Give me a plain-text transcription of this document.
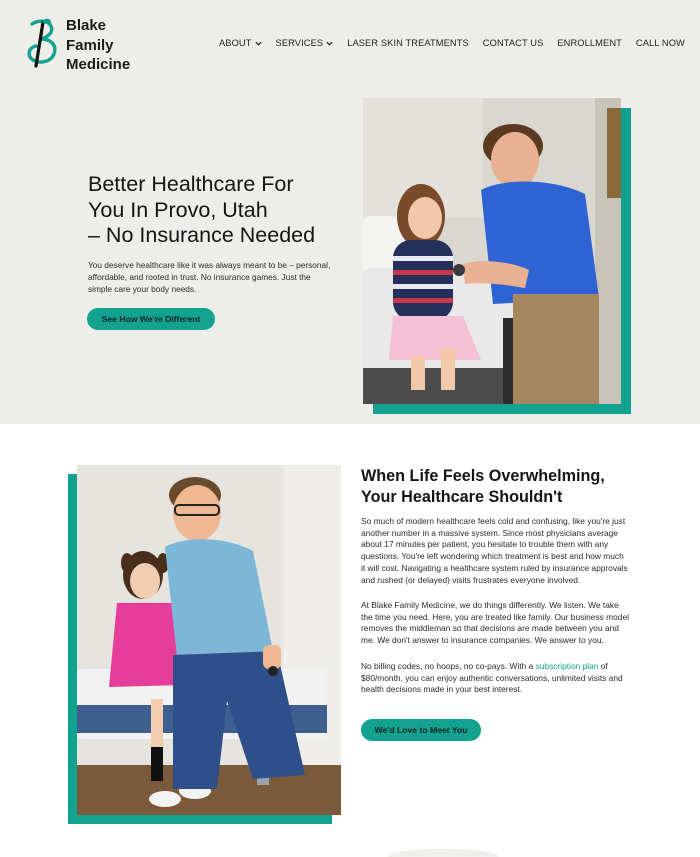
Blake
Family
Medicine
ABOUT	SERVICES	LASER SKIN TREATMENTS CONTACT US ENROLLMENT CALL NOW
Better Healthcare For
You In Provo, Utah
– No Insurance Needed

You deserve healthcare like it was always meant to be – personal, affordable, and rooted in trust. No insurance games. Just the simple care your body needs.

See How We're Different
When Life Feels Overwhelming,
Your Healthcare Shouldn't

So much of modern healthcare feels cold and confusing, like you're just another number in a massive system. Since most physicians average about 17 minutes per patient, you hesitate to trouble them with any questions. You're left wondering which treatment is best and how much it will cost. Navigating a healthcare system ruled by insurance approvals and rushed (or delayed) visits frustrates everyone involved.

At Blake Family Medicine, we do things differently. We listen. We take the time you need. Here, you are treated like family. Our business model removes the middleman so that decisions are made between you and me. We don't answer to insurance companies. We answer to you.

No billing codes, no hoops, no co-pays. With a subscription plan of $80/month, you can enjoy authentic conversations, unlimited visits and health decisions made in your best interest.

We'd Love to Meet You
